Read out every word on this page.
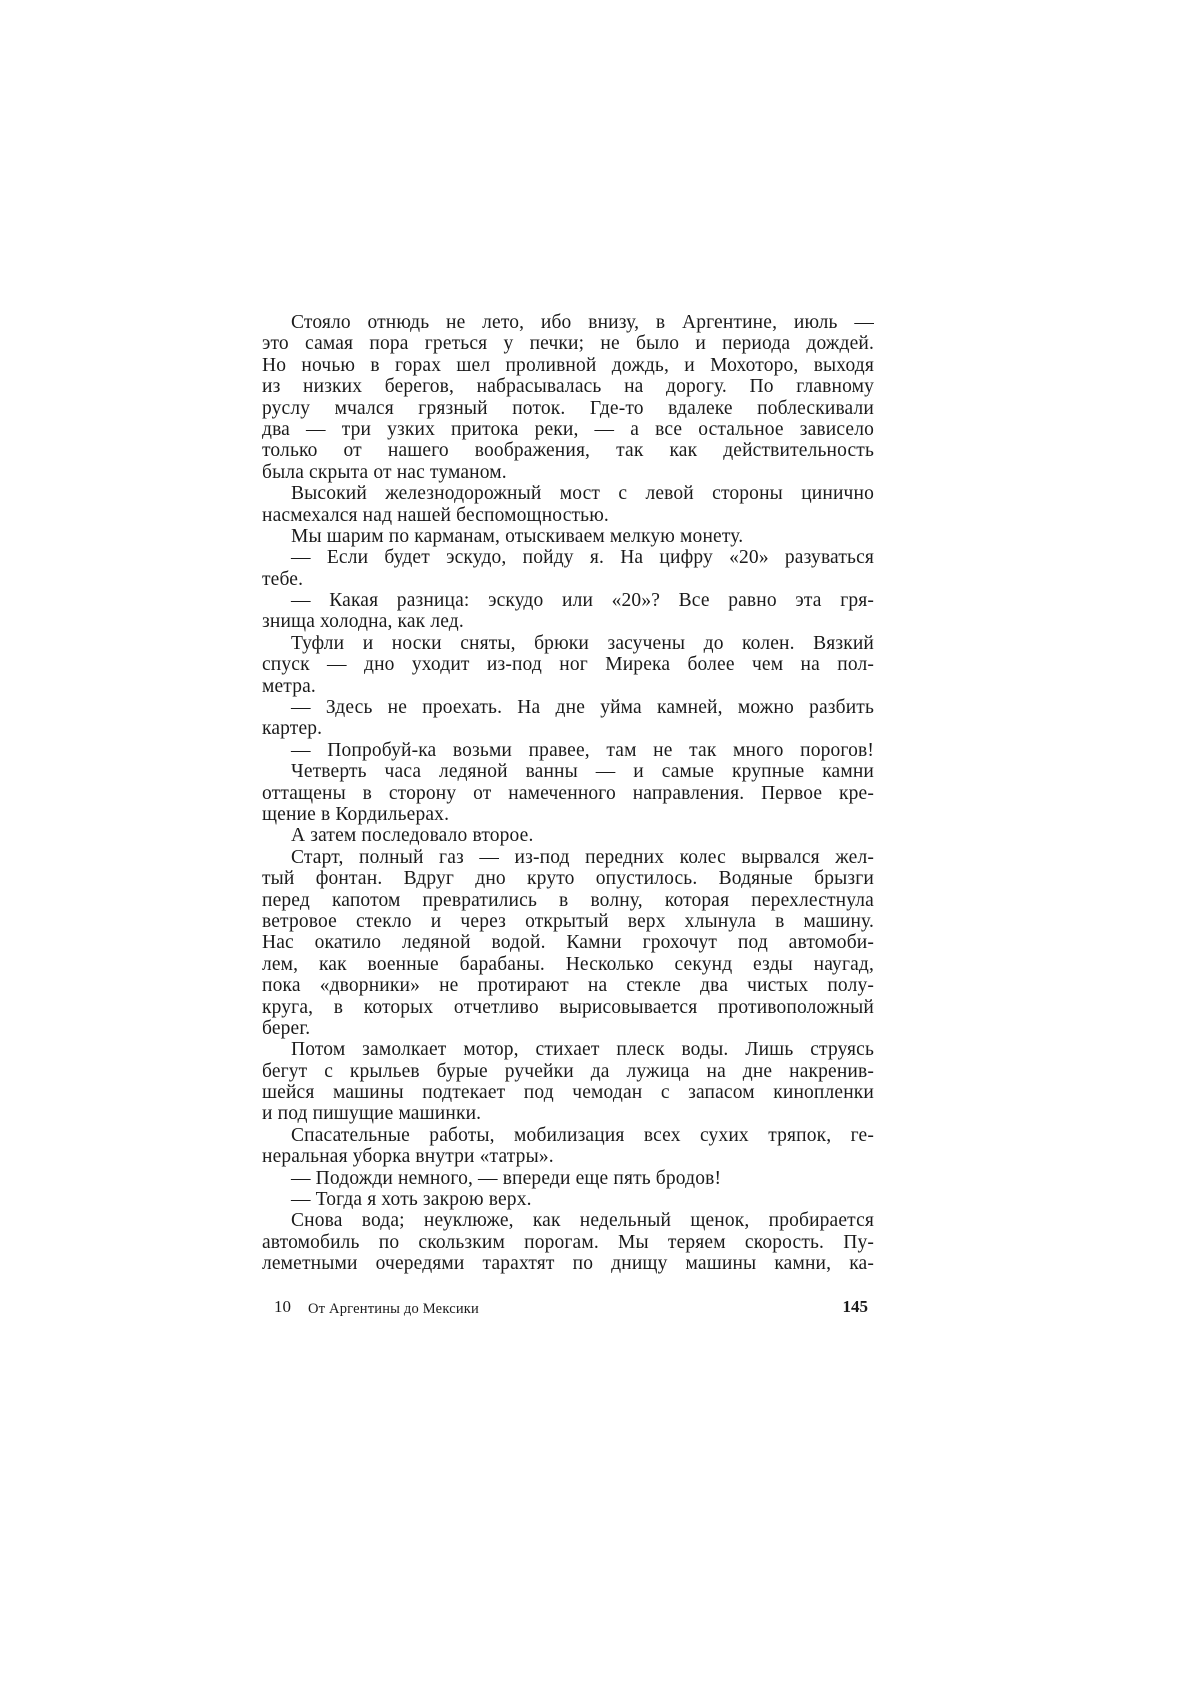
Стояло отнюдь не лето, ибо внизу, в Аргентине, июль —
это самая пора греться у печки; не было и периода дождей.
Но ночью в горах шел проливной дождь, и Мохоторо, выходя
из низких берегов, набрасывалась на дорогу. По главному
руслу мчался грязный поток. Где-то вдалеке поблескивали
два — три узких притока реки, — а все остальное зависело
только от нашего воображения, так как действительность
была скрыта от нас туманом.
Высокий железнодорожный мост с левой стороны цинично
насмехался над нашей беспомощностью.
Мы шарим по карманам, отыскиваем мелкую монету.
— Если будет эскудо, пойду я. На цифру «20» разуваться
тебе.
— Какая разница: эскудо или «20»? Все равно эта гря-
знища холодна, как лед.
Туфли и носки сняты, брюки засучены до колен. Вязкий
спуск — дно уходит из-под ног Мирека более чем на пол-
метра.
— Здесь не проехать. На дне уйма камней, можно разбить
картер.
— Попробуй-ка возьми правее, там не так много порогов!
Четверть часа ледяной ванны — и самые крупные камни
оттащены в сторону от намеченного направления. Первое кре-
щение в Кордильерах.
А затем последовало второе.
Старт, полный газ — из-под передних колес вырвался жел-
тый фонтан. Вдруг дно круто опустилось. Водяные брызги
перед капотом превратились в волну, которая перехлестнула
ветровое стекло и через открытый верх хлынула в машину.
Нас окатило ледяной водой. Камни грохочут под автомоби-
лем, как военные барабаны. Несколько секунд езды наугад,
пока «дворники» не протирают на стекле два чистых полу-
круга, в которых отчетливо вырисовывается противоположный
берег.
Потом замолкает мотор, стихает плеск воды. Лишь струясь
бегут с крыльев бурые ручейки да лужица на дне накренив-
шейся машины подтекает под чемодан с запасом кинопленки
и под пишущие машинки.
Спасательные работы, мобилизация всех сухих тряпок, ге-
неральная уборка внутри «татры».
— Подожди немного, — впереди еще пять бродов!
— Тогда я хоть закрою верх.
Снова вода; неуклюже, как недельный щенок, пробирается
автомобиль по скользким порогам. Мы теряем скорость. Пу-
леметными очередями тарахтят по днищу машины камни, ка-
10 От Аргентины до Мексики	145
